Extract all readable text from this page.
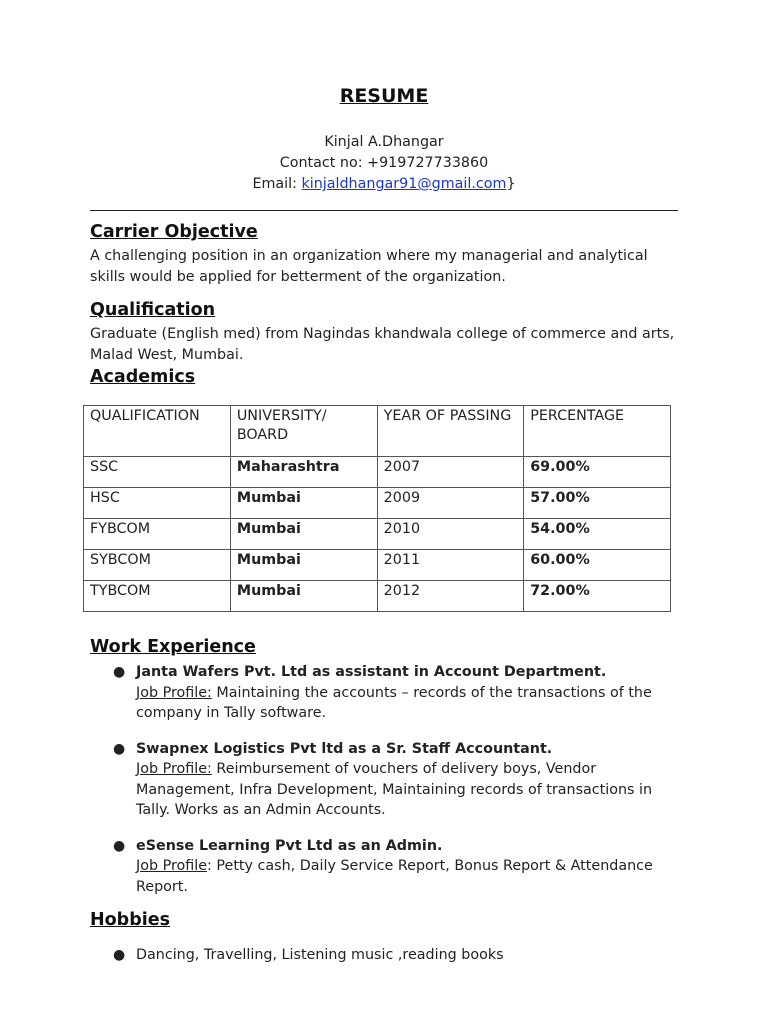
RESUME
Kinjal A.Dhangar
Contact no: +919727733860
Email: kinjaldhangar91@gmail.com}
Carrier Objective
A challenging position in an organization where my managerial and analytical skills would be applied for betterment of the organization.
Qualification
Graduate (English med) from Nagindas khandwala college of commerce and arts, Malad West, Mumbai.
Academics
QUALIFICATION	UNIVERSITY/ BOARD	YEAR OF PASSING	PERCENTAGE
SSC	Maharashtra	2007	69.00%
HSC	Mumbai	2009	57.00%
FYBCOM	Mumbai	2010	54.00%
SYBCOM	Mumbai	2011	60.00%
TYBCOM	Mumbai	2012	72.00%
Work Experience
● Janta Wafers Pvt. Ltd as assistant in Account Department.
Job Profile: Maintaining the accounts – records of the transactions of the company in Tally software.
● Swapnex Logistics Pvt ltd as a Sr. Staff Accountant.
Job Profile: Reimbursement of vouchers of delivery boys, Vendor Management, Infra Development, Maintaining records of transactions in Tally. Works as an Admin Accounts.
● eSense Learning Pvt Ltd as an Admin.
Job Profile: Petty cash, Daily Service Report, Bonus Report & Attendance Report.
Hobbies
● Dancing, Travelling, Listening music ,reading books
